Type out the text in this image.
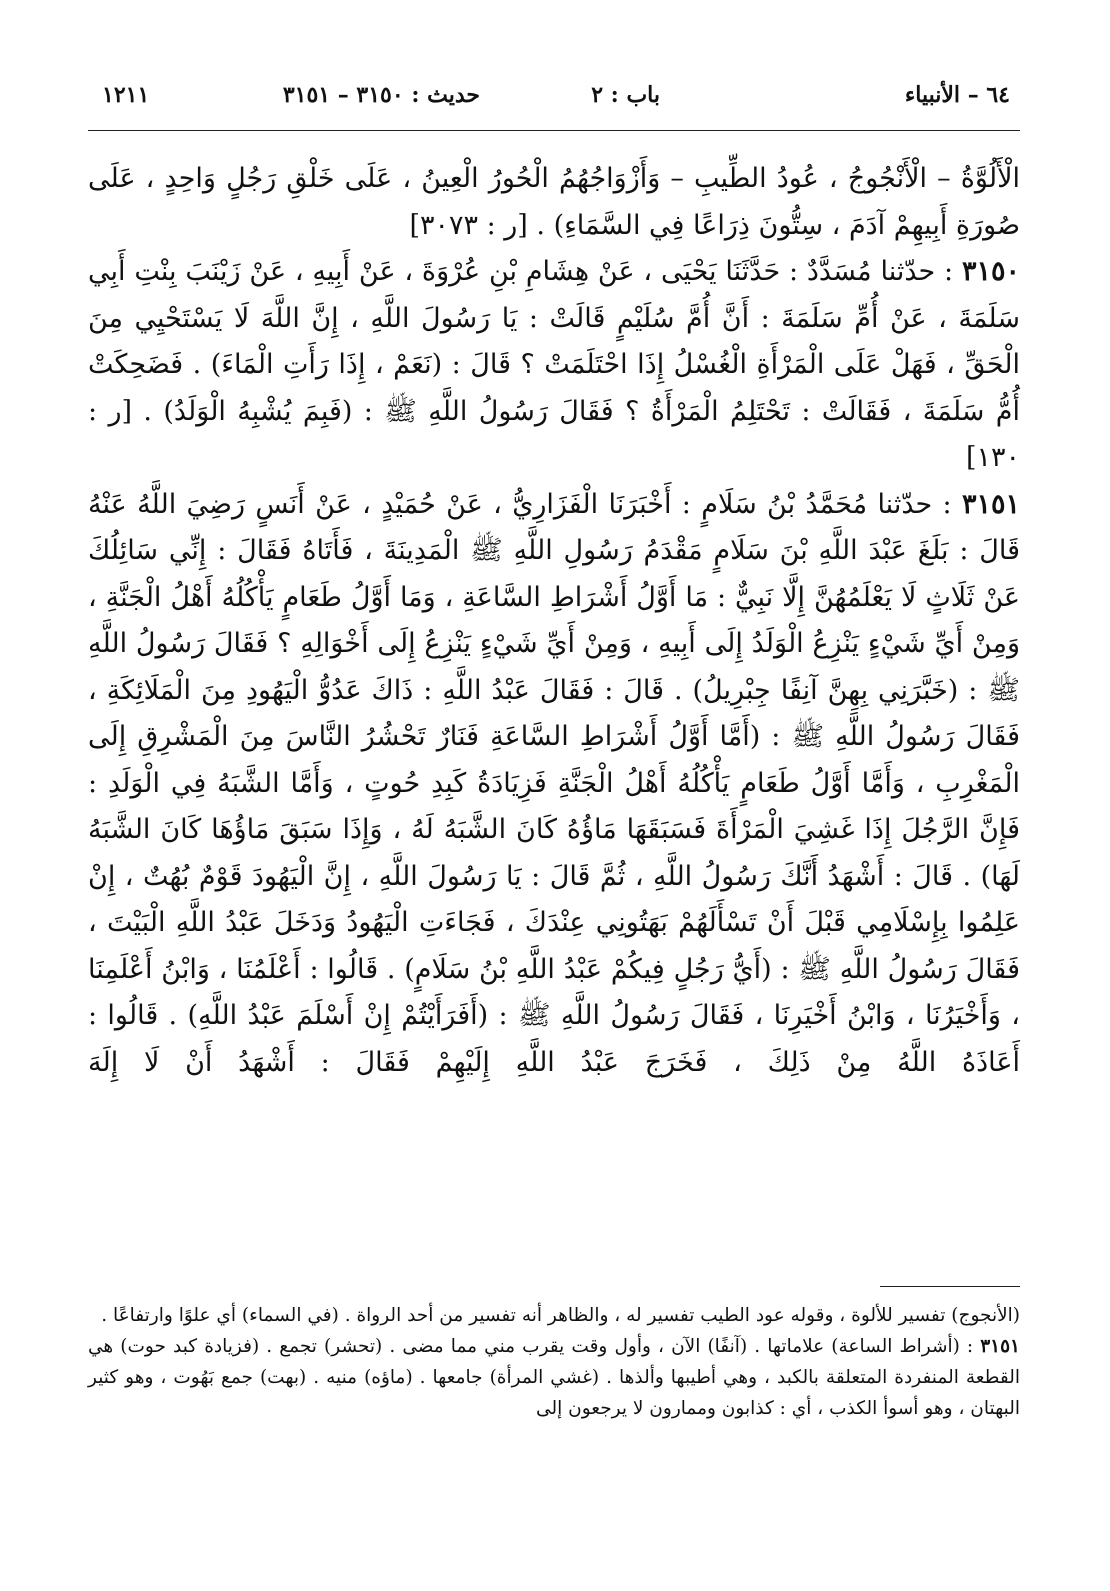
٦٤ – الأنبياء
باب : ٢
حديث : ٣١٥٠ – ٣١٥١
١٢١١

الْأَلُوَّةُ – الْأَنْجُوجُ ، عُودُ الطِّيبِ – وَأَزْوَاجُهُمُ الْحُورُ الْعِينُ ، عَلَى خَلْقِ رَجُلٍ وَاحِدٍ ، عَلَى صُورَةِ أَبِيهِمْ آدَمَ ، سِتُّونَ ذِرَاعًا فِي السَّمَاءِ) . [ر : ٣٠٧٣]

٣١٥٠ : حدّثنا مُسَدَّدٌ : حَدَّثَنَا يَحْيَى ، عَنْ هِشَامِ بْنِ عُرْوَةَ ، عَنْ أَبِيهِ ، عَنْ زَيْنَبَ بِنْتِ أَبِي سَلَمَةَ ، عَنْ أُمِّ سَلَمَةَ : أَنَّ أُمَّ سُلَيْمٍ قَالَتْ : يَا رَسُولَ اللَّهِ ، إِنَّ اللَّهَ لَا يَسْتَحْيِي مِنَ الْحَقِّ ، فَهَلْ عَلَى الْمَرْأَةِ الْغُسْلُ إِذَا احْتَلَمَتْ ؟ قَالَ : (نَعَمْ ، إِذَا رَأَتِ الْمَاءَ) . فَضَحِكَتْ أُمُّ سَلَمَةَ ، فَقَالَتْ : تَحْتَلِمُ الْمَرْأَةُ ؟ فَقَالَ رَسُولُ اللَّهِ ﷺ : (فَبِمَ يُشْبِهُ الْوَلَدُ) . [ر : ١٣٠]

٣١٥١ : حدّثنا مُحَمَّدُ بْنُ سَلَامٍ : أَخْبَرَنَا الْفَزَارِيُّ ، عَنْ حُمَيْدٍ ، عَنْ أَنَسٍ رَضِيَ اللَّهُ عَنْهُ قَالَ : بَلَغَ عَبْدَ اللَّهِ بْنَ سَلَامٍ مَقْدَمُ رَسُولِ اللَّهِ ﷺ الْمَدِينَةَ ، فَأَتَاهُ فَقَالَ : إِنِّي سَائِلُكَ عَنْ ثَلَاثٍ لَا يَعْلَمُهُنَّ إِلَّا نَبِيٌّ : مَا أَوَّلُ أَشْرَاطِ السَّاعَةِ ، وَمَا أَوَّلُ طَعَامٍ يَأْكُلُهُ أَهْلُ الْجَنَّةِ ، وَمِنْ أَيِّ شَيْءٍ يَنْزِعُ الْوَلَدُ إِلَى أَبِيهِ ، وَمِنْ أَيِّ شَيْءٍ يَنْزِعُ إِلَى أَخْوَالِهِ ؟ فَقَالَ رَسُولُ اللَّهِ ﷺ : (خَبَّرَنِي بِهِنَّ آنِفًا جِبْرِيلُ) . قَالَ : فَقَالَ عَبْدُ اللَّهِ : ذَاكَ عَدُوُّ الْيَهُودِ مِنَ الْمَلَائِكَةِ ، فَقَالَ رَسُولُ اللَّهِ ﷺ : (أَمَّا أَوَّلُ أَشْرَاطِ السَّاعَةِ فَنَارٌ تَحْشُرُ النَّاسَ مِنَ الْمَشْرِقِ إِلَى الْمَغْرِبِ ، وَأَمَّا أَوَّلُ طَعَامٍ يَأْكُلُهُ أَهْلُ الْجَنَّةِ فَزِيَادَةُ كَبِدِ حُوتٍ ، وَأَمَّا الشَّبَهُ فِي الْوَلَدِ : فَإِنَّ الرَّجُلَ إِذَا غَشِيَ الْمَرْأَةَ فَسَبَقَهَا مَاؤُهُ كَانَ الشَّبَهُ لَهُ ، وَإِذَا سَبَقَ مَاؤُهَا كَانَ الشَّبَهُ لَهَا) . قَالَ : أَشْهَدُ أَنَّكَ رَسُولُ اللَّهِ ، ثُمَّ قَالَ : يَا رَسُولَ اللَّهِ ، إِنَّ الْيَهُودَ قَوْمٌ بُهُتٌ ، إِنْ عَلِمُوا بِإِسْلَامِي قَبْلَ أَنْ تَسْأَلَهُمْ بَهَتُونِي عِنْدَكَ ، فَجَاءَتِ الْيَهُودُ وَدَخَلَ عَبْدُ اللَّهِ الْبَيْتَ ، فَقَالَ رَسُولُ اللَّهِ ﷺ : (أَيُّ رَجُلٍ فِيكُمْ عَبْدُ اللَّهِ بْنُ سَلَامٍ) . قَالُوا : أَعْلَمُنَا ، وَابْنُ أَعْلَمِنَا ، وَأَخْيَرُنَا ، وَابْنُ أَخْيَرِنَا ، فَقَالَ رَسُولُ اللَّهِ ﷺ : (أَفَرَأَيْتُمْ إِنْ أَسْلَمَ عَبْدُ اللَّهِ) . قَالُوا : أَعَاذَهُ اللَّهُ مِنْ ذَلِكَ ، فَخَرَجَ عَبْدُ اللَّهِ إِلَيْهِمْ فَقَالَ : أَشْهَدُ أَنْ لَا إِلَهَ

(الأنجوج) تفسير للألوة ، وقوله عود الطيب تفسير له ، والظاهر أنه تفسير من أحد الرواة . (في السماء) أي علوًا وارتفاعًا .

٣١٥١ : (أشراط الساعة) علاماتها . (آنفًا) الآن ، وأول وقت يقرب مني مما مضى . (تحشر) تجمع . (فزيادة كبد حوت) هي القطعة المنفردة المتعلقة بالكبد ، وهي أطيبها وألذها . (غشي المرأة) جامعها . (ماؤه) منيه . (بهت) جمع بَهُوت ، وهو كثير البهتان ، وهو أسوأ الكذب ، أي : كذابون وممارون لا يرجعون إلى
